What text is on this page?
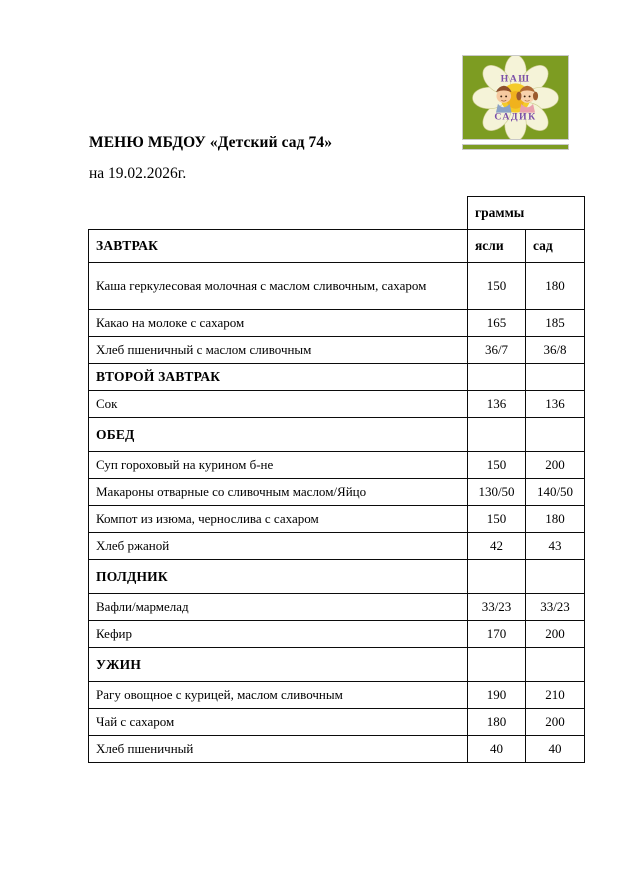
НАШ
САДИК
МЕНЮ МБДОУ «Детский сад 74»
на 19.02.2026г.
	граммы	
ЗАВТРАК	ясли	сад
Каша геркулесовая молочная с маслом сливочным, сахаром	150	180
Какао на молоке с сахаром	165	185
Хлеб пшеничный с маслом сливочным	36/7	36/8
ВТОРОЙ ЗАВТРАК		
Сок	136	136
ОБЕД		
Суп гороховый на курином б-не	150	200
Макароны отварные со сливочным маслом/Яйцо	130/50	140/50
Компот из изюма, чернослива с сахаром	150	180
Хлеб ржаной	42	43
ПОЛДНИК		
Вафли/мармелад	33/23	33/23
Кефир	170	200
УЖИН		
Рагу овощное с курицей, маслом сливочным	190	210
Чай с сахаром	180	200
Хлеб пшеничный	40	40
